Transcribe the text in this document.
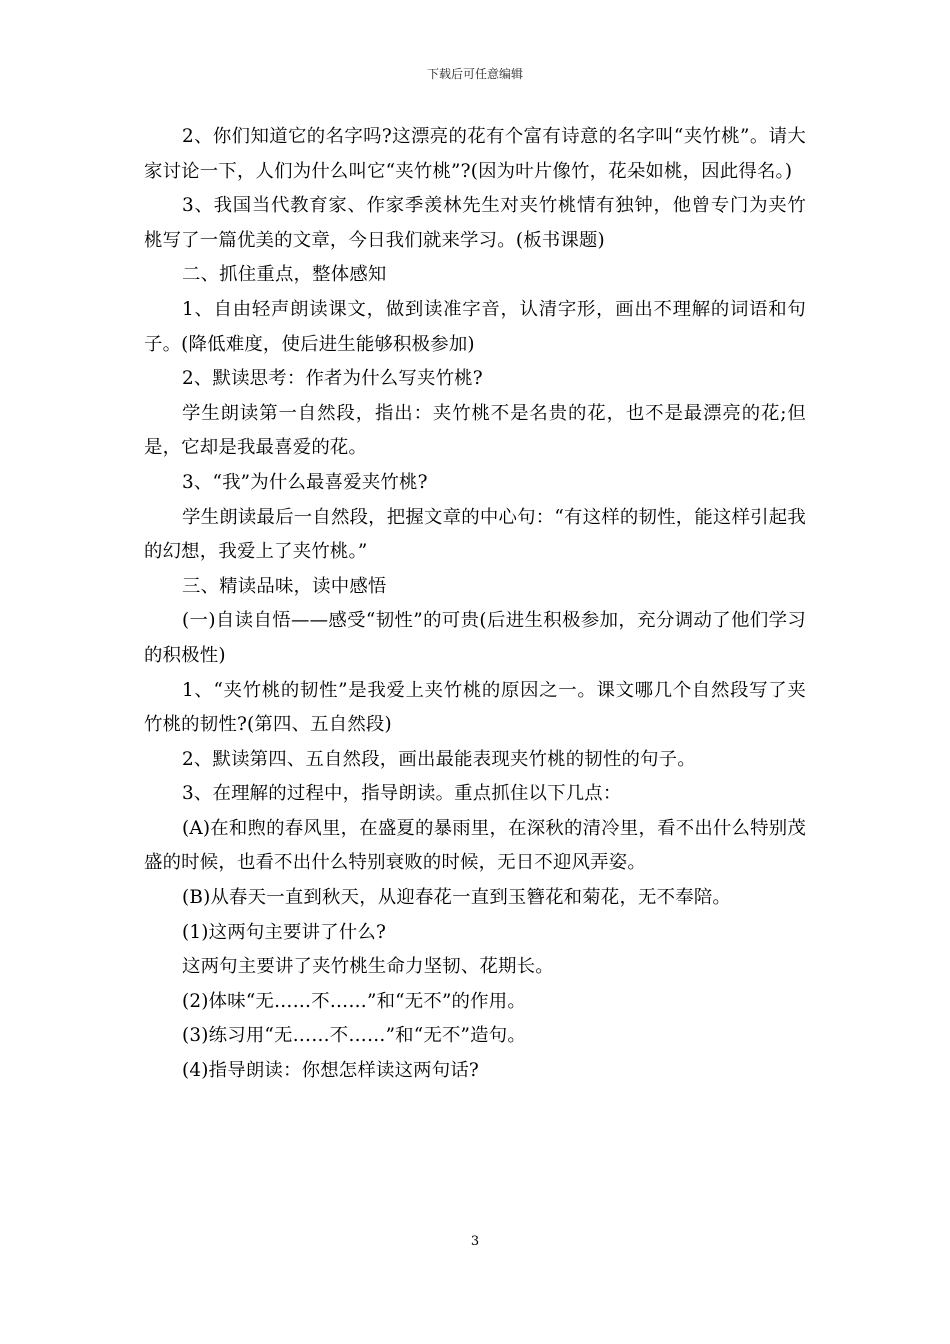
下载后可任意编辑

2、你们知道它的名字吗?这漂亮的花有个富有诗意的名字叫“夹竹桃”。请大家讨论一下，人们为什么叫它“夹竹桃”?(因为叶片像竹，花朵如桃，因此得名。)

3、我国当代教育家、作家季羡林先生对夹竹桃情有独钟，他曾专门为夹竹桃写了一篇优美的文章，今日我们就来学习。(板书课题)

二、抓住重点，整体感知

1、自由轻声朗读课文，做到读准字音，认清字形，画出不理解的词语和句子。(降低难度，使后进生能够积极参加)

2、默读思考：作者为什么写夹竹桃?

学生朗读第一自然段，指出：夹竹桃不是名贵的花，也不是最漂亮的花;但是，它却是我最喜爱的花。

3、“我”为什么最喜爱夹竹桃?

学生朗读最后一自然段，把握文章的中心句：“有这样的韧性，能这样引起我的幻想，我爱上了夹竹桃。”

三、精读品味，读中感悟

(一)自读自悟——感受“韧性”的可贵(后进生积极参加，充分调动了他们学习的积极性)

1、“夹竹桃的韧性”是我爱上夹竹桃的原因之一。课文哪几个自然段写了夹竹桃的韧性?(第四、五自然段)

2、默读第四、五自然段，画出最能表现夹竹桃的韧性的句子。

3、在理解的过程中，指导朗读。重点抓住以下几点：

(A)在和煦的春风里，在盛夏的暴雨里，在深秋的清冷里，看不出什么特别茂盛的时候，也看不出什么特别衰败的时候，无日不迎风弄姿。

(B)从春天一直到秋天，从迎春花一直到玉簪花和菊花，无不奉陪。

(1)这两句主要讲了什么?

这两句主要讲了夹竹桃生命力坚韧、花期长。

(2)体味“无……不……”和“无不”的作用。

(3)练习用“无……不……”和“无不”造句。

(4)指导朗读：你想怎样读这两句话?

3
